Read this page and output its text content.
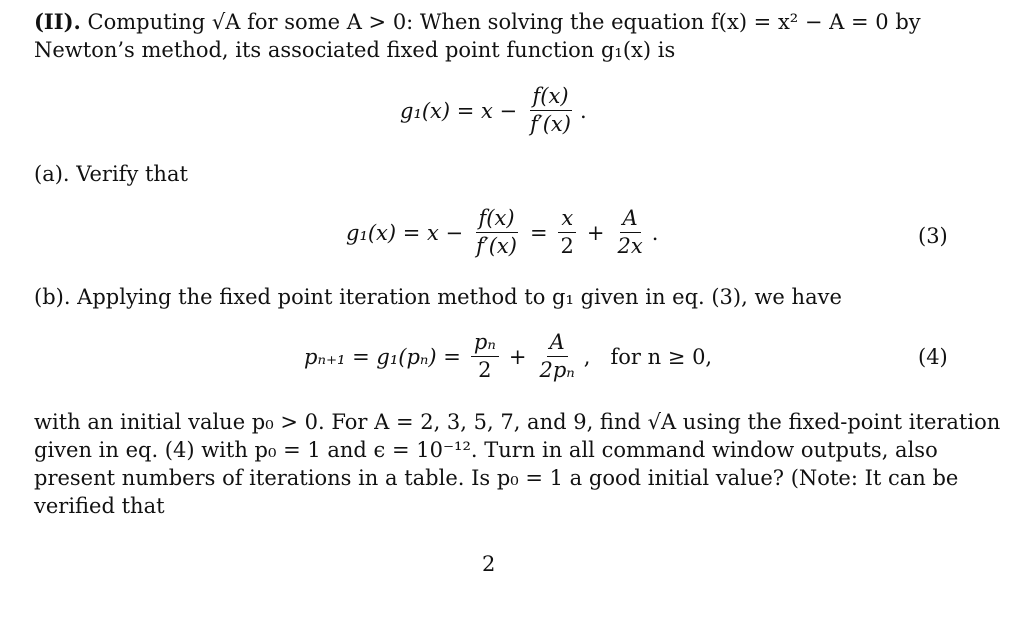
(II). Computing √A for some A > 0: When solving the equation f(x) = x² − A = 0 by
Newton’s method, its associated fixed point function g₁(x) is
$g_1(x) = x - \frac{f(x)}{f'(x)}$ .
(a). Verify that
$g_1(x) = x - \frac{f(x)}{f'(x)} = \frac{x}{2} + \frac{A}{2x}$ .	(3)
(b). Applying the fixed point iteration method to g₁ given in eq. (3), we have
$p_{n+1} = g_1(p_n) = \frac{\text{pₙ}}{2} + \frac{A}{\text{2pₙ}}$ , for n ≥ 0,	(4)
with an initial value p₀ > 0. For A = 2, 3, 5, 7, and 9, find √A using the fixed-point iteration
given in eq. (4) with p₀ = 1 and ϵ = 10⁻¹². Turn in all command window outputs, also
present numbers of iterations in a table. Is p₀ = 1 a good initial value? (Note: It can be
verified that
2
